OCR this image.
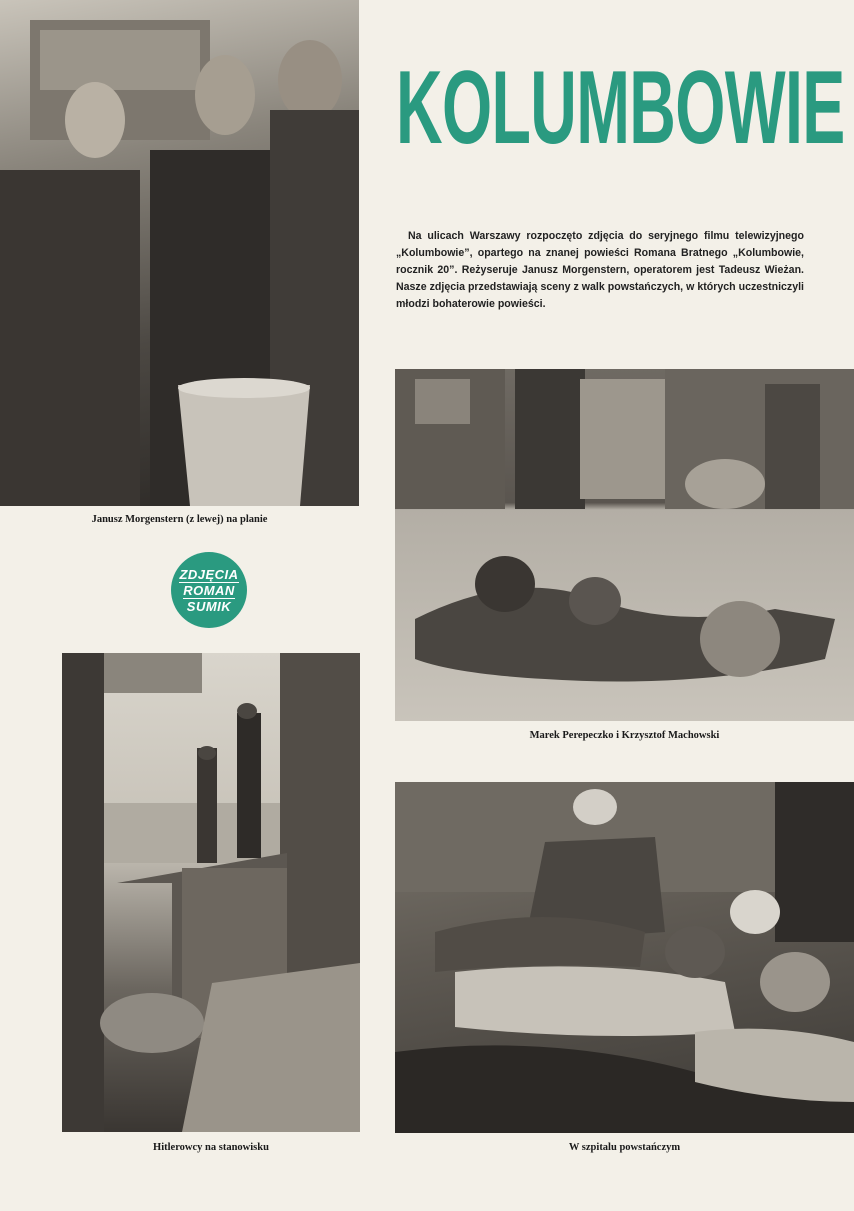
KOLUMBOWIE

Na ulicach Warszawy rozpoczęto zdjęcia do seryjnego filmu telewizyjnego „Kolumbowie”, opartego na znanej powieści Romana Bratnego „Kolumbowie, rocznik 20”. Reżyseruje Janusz Morgenstern, operatorem jest Tadeusz Wieżan. Nasze zdjęcia przedstawiają sceny z walk powstańczych, w których uczestniczyli młodzi bohaterowie powieści.

Janusz Morgenstern (z lewej) na planie
ZDJĘCIA
ROMAN
SUMIK
Marek Perepeczko i Krzysztof Machowski
Hitlerowcy na stanowisku	W szpitalu powstańczym
